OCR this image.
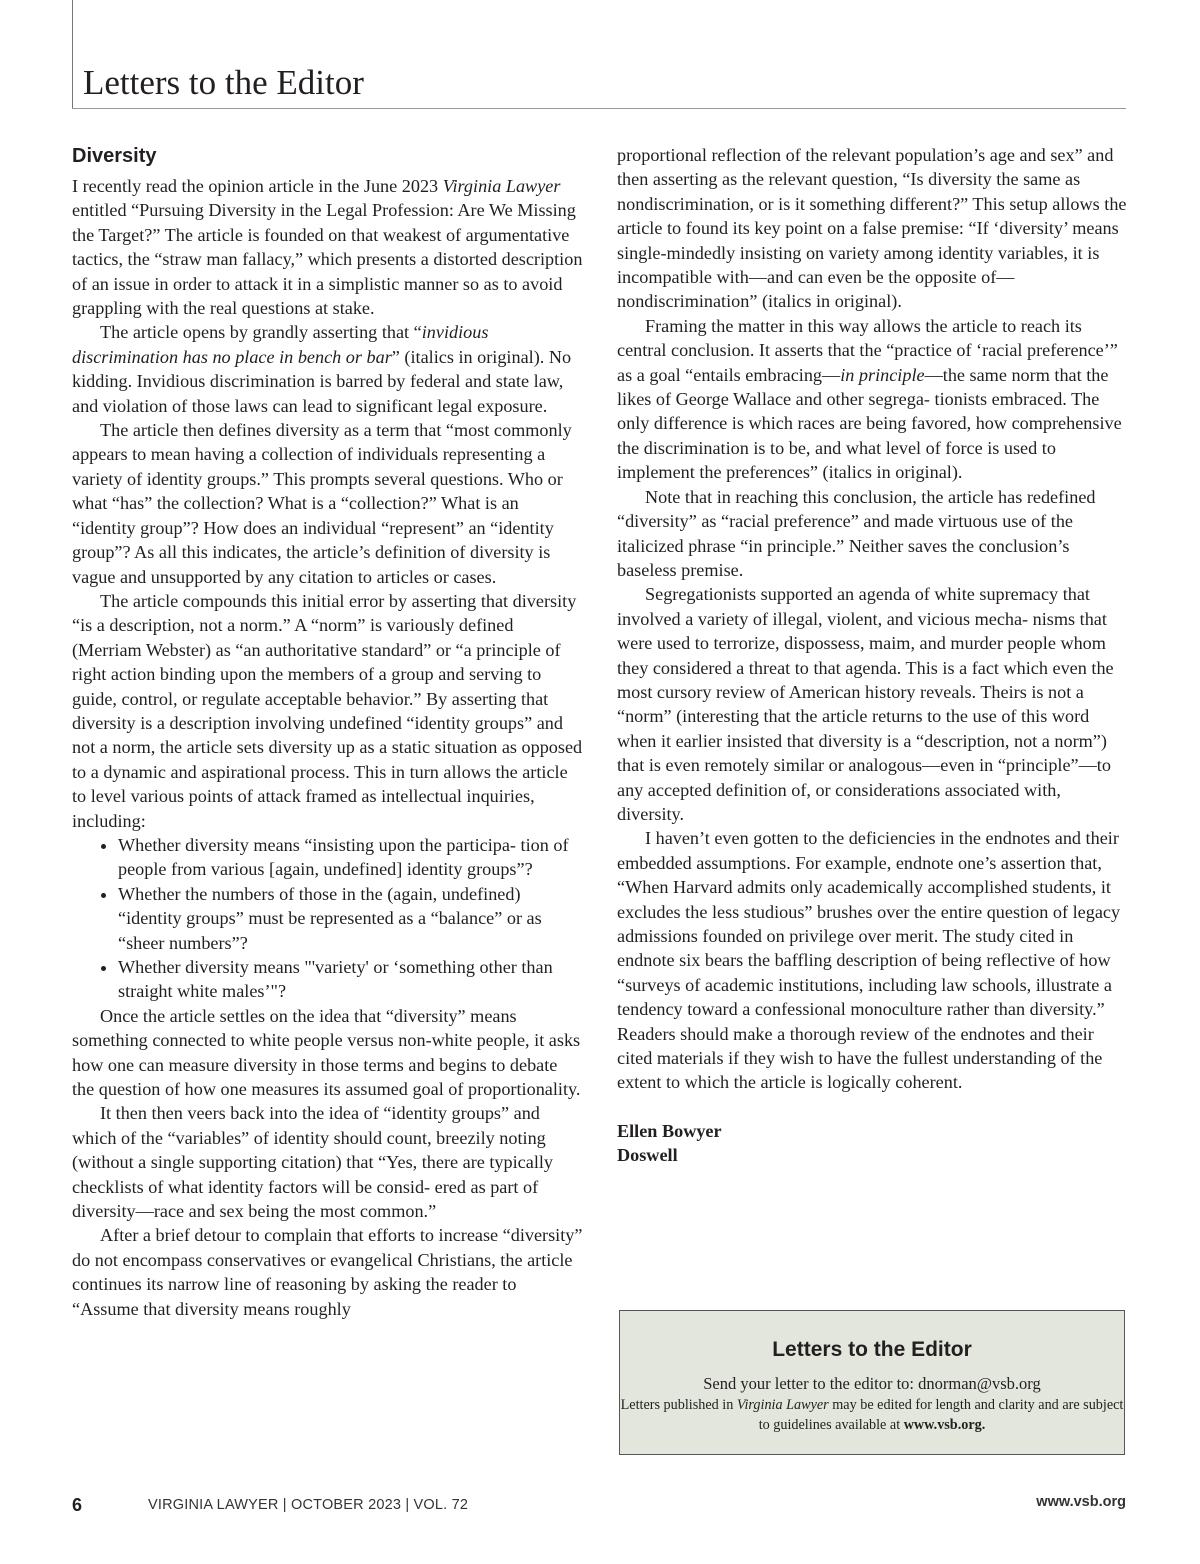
Letters to the Editor
Diversity

I recently read the opinion article in the June 2023 Virginia Lawyer entitled “Pursuing Diversity in the Legal Profession: Are We Missing the Target?” The article is founded on that weakest of argumentative tactics, the “straw man fallacy,” which presents a distorted description of an issue in order to attack it in a simplistic manner so as to avoid grappling with the real questions at stake.

The article opens by grandly asserting that “invidious discrimination has no place in bench or bar” (italics in original). No kidding. Invidious discrimination is barred by federal and state law, and violation of those laws can lead to significant legal exposure.

The article then defines diversity as a term that “most commonly appears to mean having a collection of individuals representing a variety of identity groups.” This prompts several questions. Who or what “has” the collection? What is a “collection?” What is an “identity group”? How does an individual “represent” an “identity group”? As all this indicates, the article’s definition of diversity is vague and unsupported by any citation to articles or cases.

The article compounds this initial error by asserting that diversity “is a description, not a norm.” A “norm” is variously defined (Merriam Webster) as “an authoritative standard” or “a principle of right action binding upon the members of a group and serving to guide, control, or regulate acceptable behavior.” By asserting that diversity is a description involving undefined “identity groups” and not a norm, the article sets diversity up as a static situation as opposed to a dynamic and aspirational process. This in turn allows the article to level various points of attack framed as intellectual inquiries, including:

• Whether diversity means “insisting upon the participa- tion of people from various [again, undefined] identity groups”?
• Whether the numbers of those in the (again, undefined) “identity groups” must be represented as a “balance” or as “sheer numbers”?
• Whether diversity means "'variety' or ‘something other than straight white males’"?

Once the article settles on the idea that “diversity” means something connected to white people versus non-white people, it asks how one can measure diversity in those terms and begins to debate the question of how one measures its assumed goal of proportionality.

It then then veers back into the idea of “identity groups” and which of the “variables” of identity should count, breezily noting (without a single supporting citation) that “Yes, there are typically checklists of what identity factors will be consid- ered as part of diversity—race and sex being the most common.”

After a brief detour to complain that efforts to increase “diversity” do not encompass conservatives or evangelical Christians, the article continues its narrow line of reasoning by asking the reader to “Assume that diversity means roughly

proportional reflection of the relevant population’s age and sex” and then asserting as the relevant question, “Is diversity the same as nondiscrimination, or is it something different?” This setup allows the article to found its key point on a false premise: “If ‘diversity’ means single-mindedly insisting on variety among identity variables, it is incompatible with—and can even be the opposite of—nondiscrimination” (italics in original).

Framing the matter in this way allows the article to reach its central conclusion. It asserts that the “practice of ‘racial preference’” as a goal “entails embracing—in principle—the same norm that the likes of George Wallace and other segrega- tionists embraced. The only difference is which races are being favored, how comprehensive the discrimination is to be, and what level of force is used to implement the preferences” (italics in original).

Note that in reaching this conclusion, the article has redefined “diversity” as “racial preference” and made virtuous use of the italicized phrase “in principle.” Neither saves the conclusion’s baseless premise.

Segregationists supported an agenda of white supremacy that involved a variety of illegal, violent, and vicious mecha- nisms that were used to terrorize, dispossess, maim, and murder people whom they considered a threat to that agenda. This is a fact which even the most cursory review of American history reveals. Theirs is not a “norm” (interesting that the article returns to the use of this word when it earlier insisted that diversity is a “description, not a norm”) that is even remotely similar or analogous—even in “principle”—to any accepted definition of, or considerations associated with, diversity.

I haven’t even gotten to the deficiencies in the endnotes and their embedded assumptions. For example, endnote one’s assertion that, “When Harvard admits only academically accomplished students, it excludes the less studious” brushes over the entire question of legacy admissions founded on privilege over merit. The study cited in endnote six bears the baffling description of being reflective of how “surveys of academic institutions, including law schools, illustrate a tendency toward a confessional monoculture rather than diversity.” Readers should make a thorough review of the endnotes and their cited materials if they wish to have the fullest understanding of the extent to which the article is logically coherent.

Ellen Bowyer
Doswell
Letters to the Editor
Send your letter to the editor to: dnorman@vsb.org
Letters published in Virginia Lawyer may be edited for length and clarity and are subject to guidelines available at www.vsb.org.
6	VIRGINIA LAWYER | OCTOBER 2023 | VOL. 72	www.vsb.org
